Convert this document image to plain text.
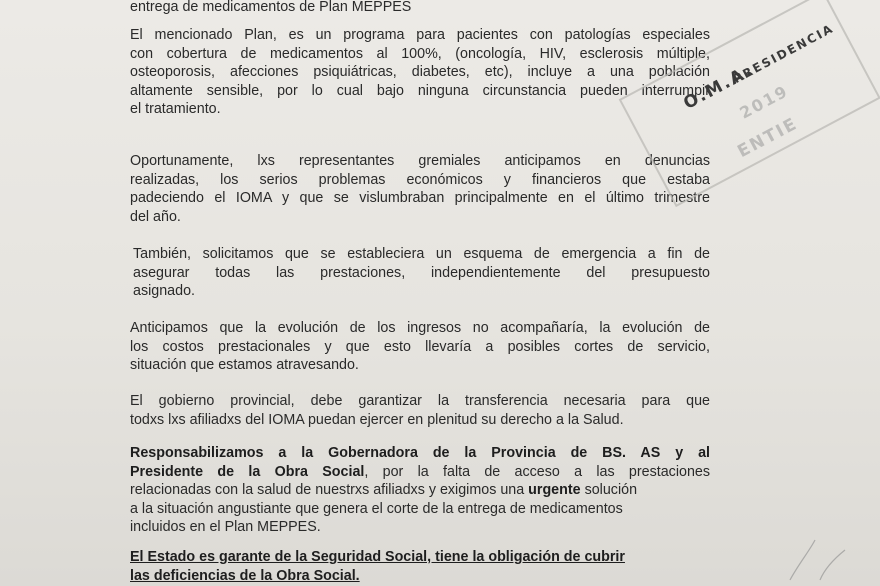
entrega de medicamentos de Plan MEPPES
El mencionado Plan, es un programa para pacientes con patologías especiales
con cobertura de medicamentos al 100%, (oncología, HIV, esclerosis múltiple,
osteoporosis, afecciones psiquiátricas, diabetes, etc), incluye a una población
altamente sensible, por lo cual bajo ninguna circunstancia pueden interrumpir
el tratamiento.
Oportunamente, lxs representantes gremiales anticipamos en denuncias
realizadas, los serios problemas económicos y financieros que estaba
padeciendo el IOMA y que se vislumbraban principalmente en el último trimestre
del año.
También, solicitamos que se estableciera un esquema de emergencia a fin de
asegurar todas las prestaciones, independientemente del presupuesto
asignado.
Anticipamos que la evolución de los ingresos no acompañaría, la evolución de
los costos prestacionales y que esto llevaría a posibles cortes de servicio,
situación que estamos atravesando.
El gobierno provincial, debe garantizar la transferencia necesaria para que
todxs lxs afiliadxs del IOMA puedan ejercer en plenitud su derecho a la Salud.
Responsabilizamos a la Gobernadora de la Provincia de BS. AS y al
Presidente de la Obra Social, por la falta de acceso a las prestaciones
relacionadas con la salud de nuestrxs afiliadxs y exigimos una urgente solución
a la situación angustiante que genera el corte de la entrega de medicamentos
incluidos en el Plan MEPPES.
El Estado es garante de la Seguridad Social, tiene la obligación de cubrir
las deficiencias de la Obra Social.
O.M.A.
PRESIDENCIA
2019
ENTIE
